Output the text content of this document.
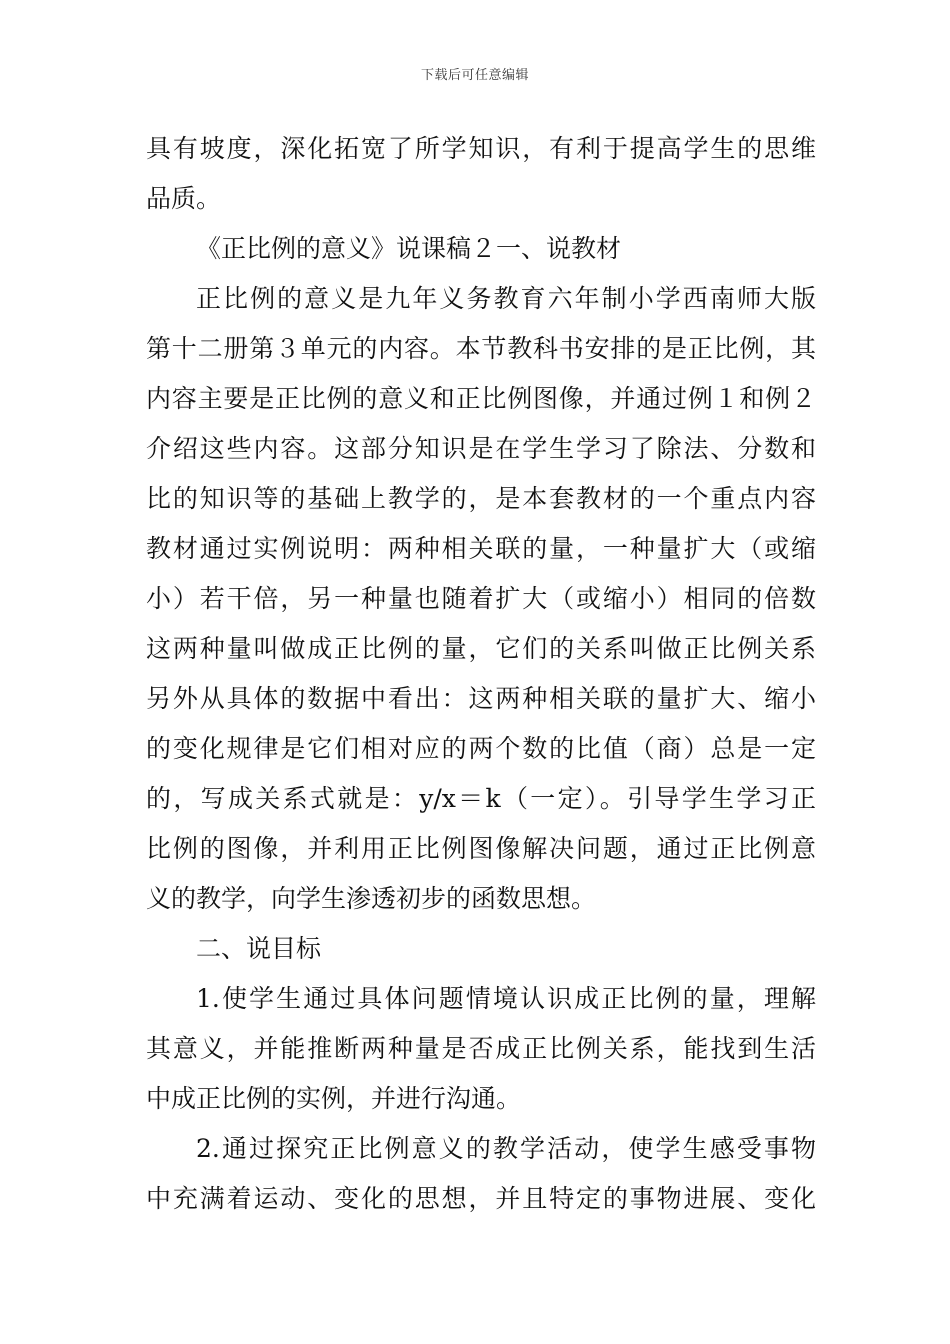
下载后可任意编辑
具有坡度，深化拓宽了所学知识，有利于提高学生的思维
品质。
《正比例的意义》说课稿２一、说教材
正比例的意义是九年义务教育六年制小学西南师大版
第十二册第３单元的内容。本节教科书安排的是正比例，其
内容主要是正比例的意义和正比例图像，并通过例１和例２
介绍这些内容。这部分知识是在学生学习了除法、分数和
比的知识等的基础上教学的，是本套教材的一个重点内容
教材通过实例说明：两种相关联的量，一种量扩大（或缩
小）若干倍，另一种量也随着扩大（或缩小）相同的倍数
这两种量叫做成正比例的量，它们的关系叫做正比例关系
另外从具体的数据中看出：这两种相关联的量扩大、缩小
的变化规律是它们相对应的两个数的比值（商）总是一定
的，写成关系式就是：y/x＝k（一定）。引导学生学习正
比例的图像，并利用正比例图像解决问题，通过正比例意
义的教学，向学生渗透初步的函数思想。
二、说目标
1.使学生通过具体问题情境认识成正比例的量，理解
其意义，并能推断两种量是否成正比例关系，能找到生活
中成正比例的实例，并进行沟通。
2.通过探究正比例意义的教学活动，使学生感受事物
中充满着运动、变化的思想，并且特定的事物进展、变化
